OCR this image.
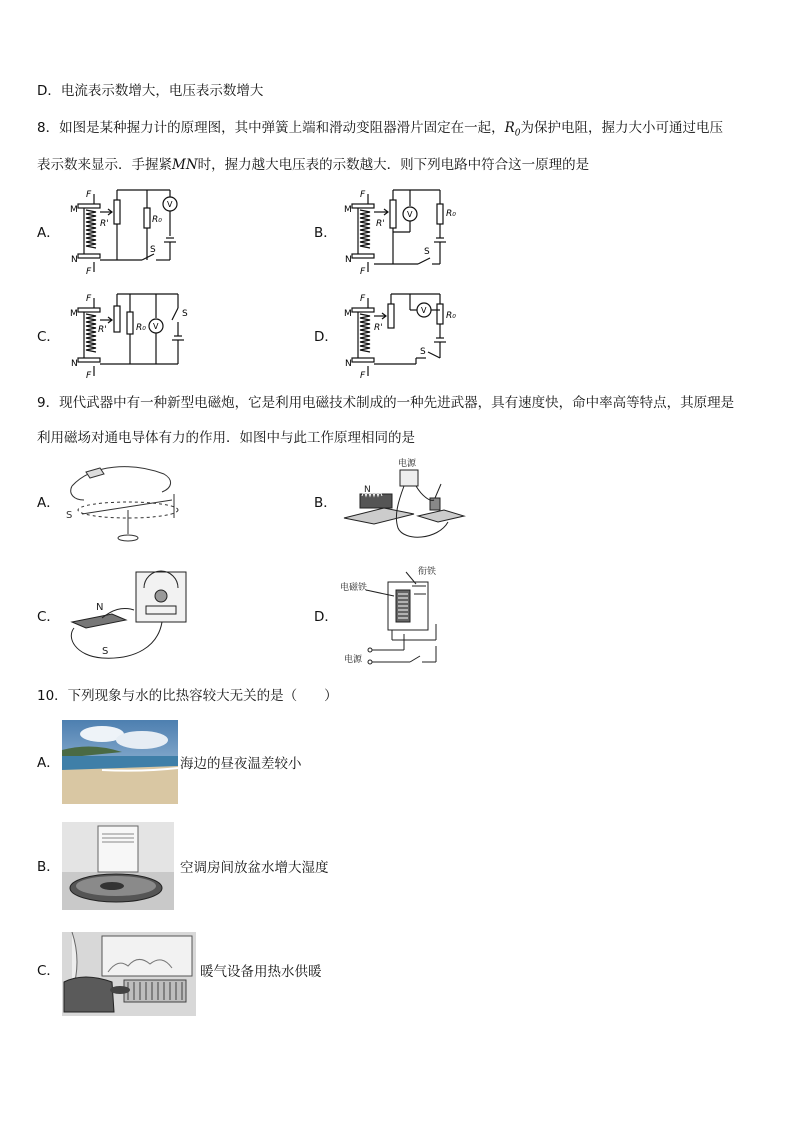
D．电流表示数增大，电压表示数增大
8．如图是某种握力计的原理图，其中弹簧上端和滑动变阻器滑片固定在一起，$R_0$为保护电阻，握力大小可通过电压
表示数来显示．手握紧MN时，握力越大电压表的示数越大．则下列电路中符合这一原理的是
A．	B．
C．	D．
M
N
F
F
R'	R₀
V
S
M
N
F
F
R'
R₀
V
S
M
N
F
F
R'	R₀ V
S	M
N
F
F
R'
R₀
V
S
9．现代武器中有一种新型电磁炮，它是利用电磁技术制成的一种先进武器，具有速度快，命中率高等特点，其原理是
利用磁场对通电导体有力的作用．如图中与此工作原理相同的是
A．	B．
C．	D．
S
电源
N
N
S
衔铁
电磁铁
电源
10．下列现象与水的比热容较大无关的是（　　）
A．	海边的昼夜温差较小
B．	空调房间放盆水增大湿度
C．	暖气设备用热水供暖
